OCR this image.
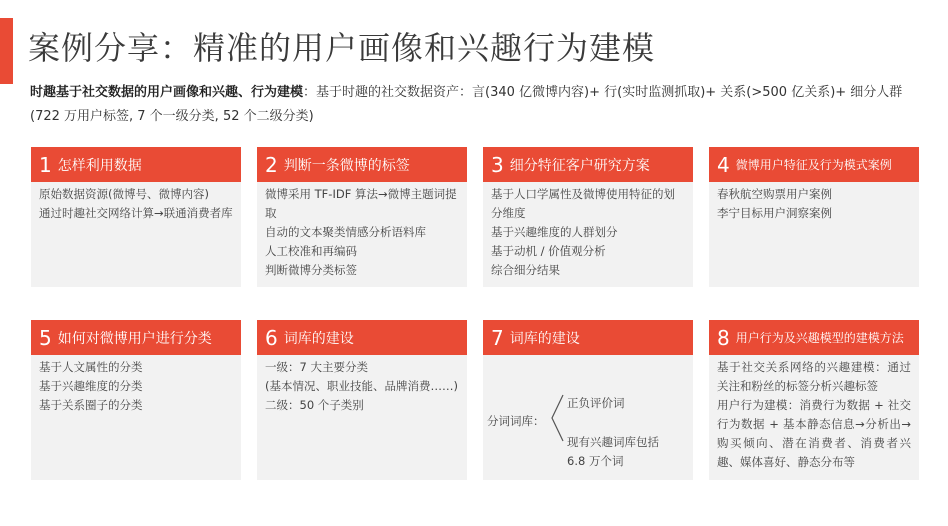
案例分享：精准的用户画像和兴趣行为建模
时趣基于社交数据的用户画像和兴趣、行为建模：基于时趣的社交数据资产：言(340 亿微博内容)+ 行(实时监测抓取)+ 关系(>500 亿关系)+ 细分人群(722 万用户标签, 7 个一级分类, 52 个二级分类)
1 怎样利用数据
原始数据资源(微博号、微博内容)
通过时趣社交网络计算→联通消费者库
2 判断一条微博的标签
微博采用 TF-IDF 算法→微博主题词提取
自动的文本聚类情感分析语料库
人工校准和再编码
判断微博分类标签
3 细分特征客户研究方案
基于人口学属性及微博使用特征的划分维度
基于兴趣维度的人群划分
基于动机 / 价值观分析
综合细分结果
4 微博用户特征及行为模式案例
春秋航空购票用户案例
李宁目标用户洞察案例
5 如何对微博用户进行分类
基于人文属性的分类
基于兴趣维度的分类
基于关系圈子的分类
6 词库的建设
一级：7 大主要分类
(基本情况、职业技能、品牌消费……)
二级：50 个子类别
7 词库的建设
分词词库：
正负评价词
现有兴趣词库包括 6.8 万个词
8 用户行为及兴趣模型的建模方法
基于社交关系网络的兴趣建模：通过关注和粉丝的标签分析兴趣标签
用户行为建模：消费行为数据 + 社交行为数据 + 基本静态信息→分析出→购买倾向、潜在消费者、消费者兴趣、媒体喜好、静态分布等
